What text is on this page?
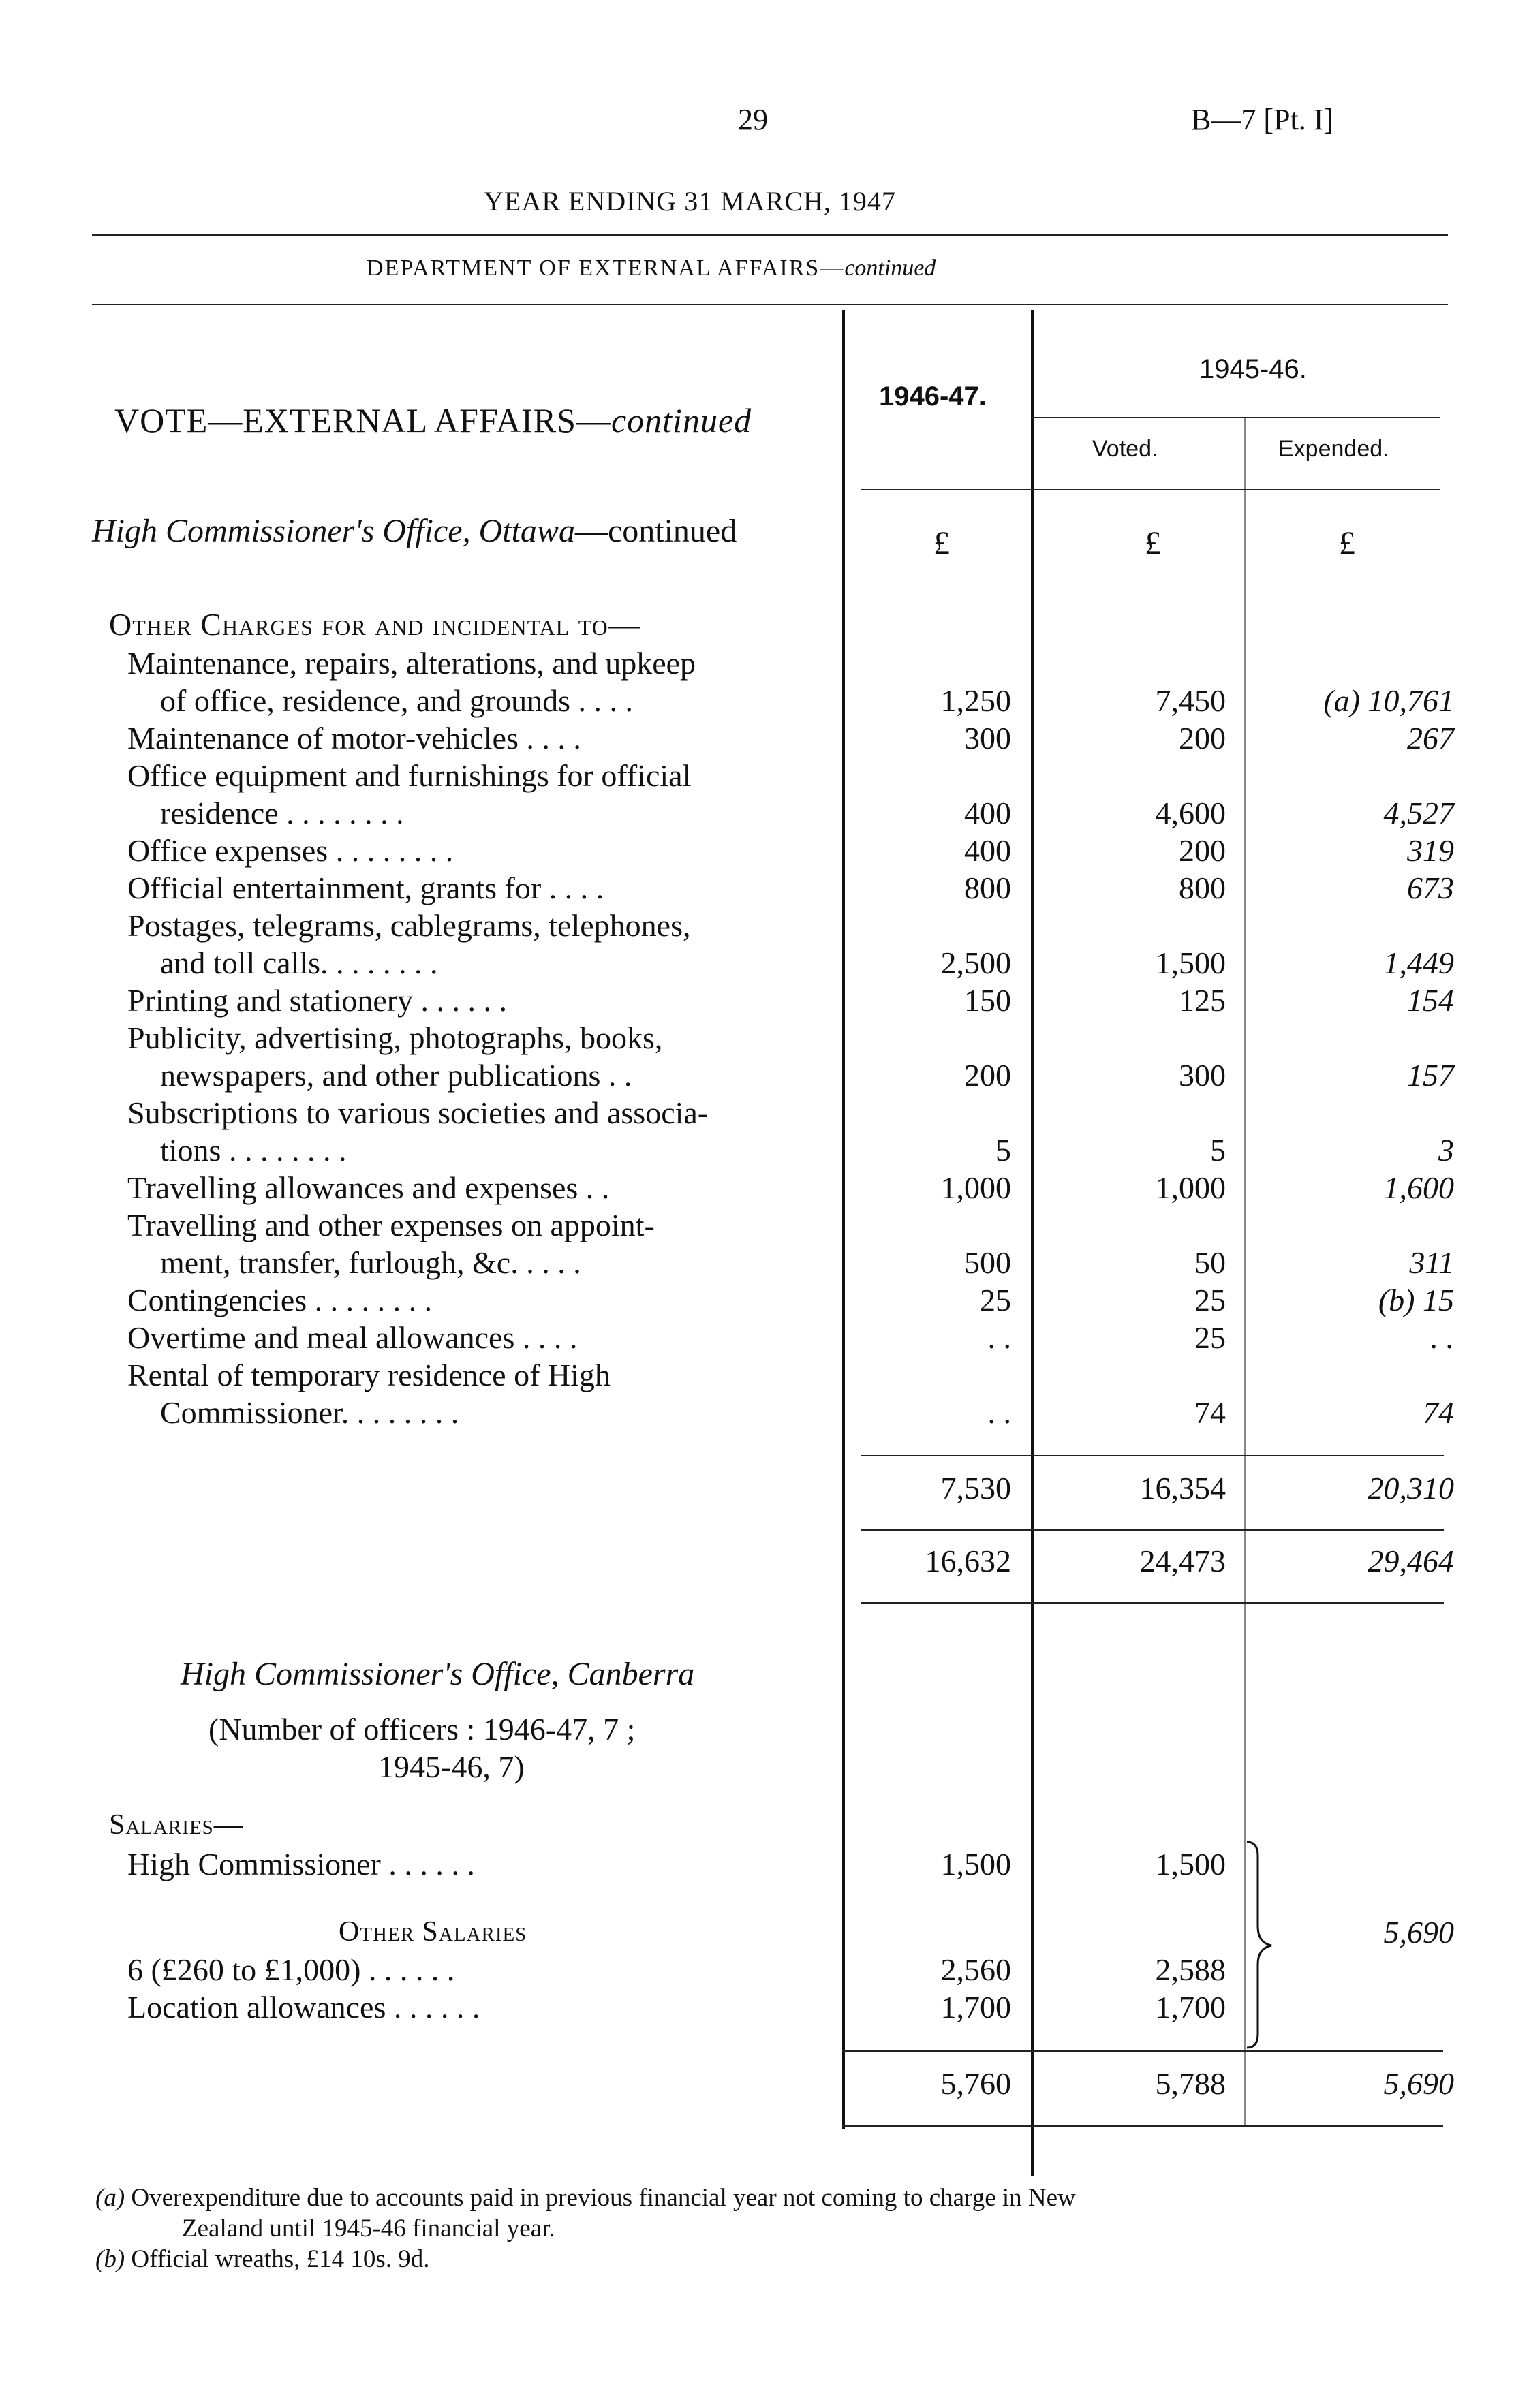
29	B—7 [Pt. I]
YEAR ENDING 31 MARCH, 1947
DEPARTMENT OF EXTERNAL AFFAIRS—continued
VOTE—EXTERNAL AFFAIRS—continued
1946-47.
1945-46.
Voted.	Expended.
High Commissioner's Office, Ottawa—continued	£	£	£
Other Charges for and incidental to—
Maintenance, repairs, alterations, and upkeep
of office, residence, and grounds . . . .	1,250	7,450	(a) 10,761
Maintenance of motor-vehicles . . . .	300	200	267
Office equipment and furnishings for official
residence . . . . . . . .	400	4,600	4,527
Office expenses . . . . . . . .	400	200	319
Official entertainment, grants for . . . .	800	800	673
Postages, telegrams, cablegrams, telephones,
and toll calls. . . . . . . .	2,500	1,500	1,449
Printing and stationery . . . . . .	150	125	154
Publicity, advertising, photographs, books,
newspapers, and other publications . .	200	300	157
Subscriptions to various societies and associa-
tions . . . . . . . .	5	5	3
Travelling allowances and expenses . .	1,000	1,000	1,600
Travelling and other expenses on appoint-
ment, transfer, furlough, &c. . . . .	500	50	311
Contingencies . . . . . . . .	25	25	(b) 15
Overtime and meal allowances . . . .	. .	25	. .
Rental of temporary residence of High
Commissioner. . . . . . . .	. .	74	74
7,530	16,354	20,310
16,632	24,473	29,464
High Commissioner's Office, Canberra
(Number of officers : 1946-47, 7 ;
1945-46, 7)
Salaries—
High Commissioner . . . . . .	1,500	1,500
Other Salaries	5,690
6 (£260 to £1,000) . . . . . .	2,560	2,588
Location allowances . . . . . .	1,700	1,700
5,760	5,788	5,690
(a) Overexpenditure due to accounts paid in previous financial year not coming to charge in New
Zealand until 1945-46 financial year.
(b) Official wreaths, £14 10s. 9d.
